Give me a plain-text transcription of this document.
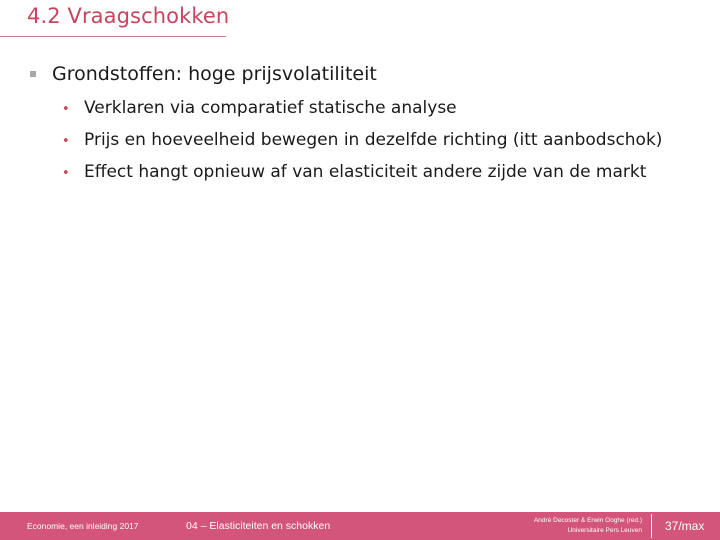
4.2 Vraagschokken
Grondstoffen: hoge prijsvolatiliteit
• Verklaren via comparatief statische analyse
• Prijs en hoeveelheid bewegen in dezelfde richting (itt aanbodschok)
• Effect hangt opnieuw af van elasticiteit andere zijde van de markt
Economie, een inleiding 2017	04 – Elasticiteiten en schokken	André Decoster & Erwin Ooghe (red.)
Universitaire Pers Leuven 37/max
